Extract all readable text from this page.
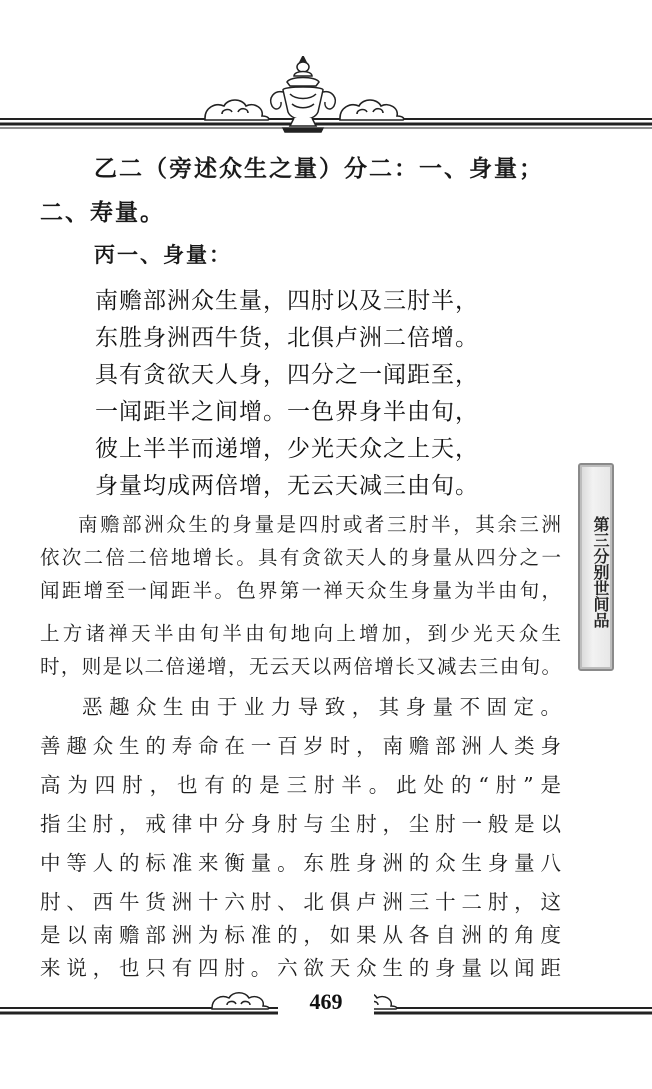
乙二（旁述众生之量）分二：一、身量；
二、寿量。
丙一、身量：
南赡部洲众生量，四肘以及三肘半，
东胜身洲西牛货，北俱卢洲二倍增。
具有贪欲天人身，四分之一闻距至，
一闻距半之间增。一色界身半由旬，
彼上半半而递增，少光天众之上天，
身量均成两倍增，无云天减三由旬。
南赡部洲众生的身量是四肘或者三肘半，其余三洲
依次二倍二倍地增长。具有贪欲天人的身量从四分之一
闻距增至一闻距半。色界第一禅天众生身量为半由旬，
上方诸禅天半由旬半由旬地向上增加，到少光天众生
时，则是以二倍递增，无云天以两倍增长又减去三由旬。
恶趣众生由于业力导致，其身量不固定。
善趣众生的寿命在一百岁时，南赡部洲人类身
高为四肘，也有的是三肘半。此处的“肘”是
指尘肘，戒律中分身肘与尘肘，尘肘一般是以
中等人的标准来衡量。东胜身洲的众生身量八
肘、西牛货洲十六肘、北俱卢洲三十二肘，这
是以南赡部洲为标准的，如果从各自洲的角度
来说，也只有四肘。六欲天众生的身量以闻距
第三分别世间品
469
